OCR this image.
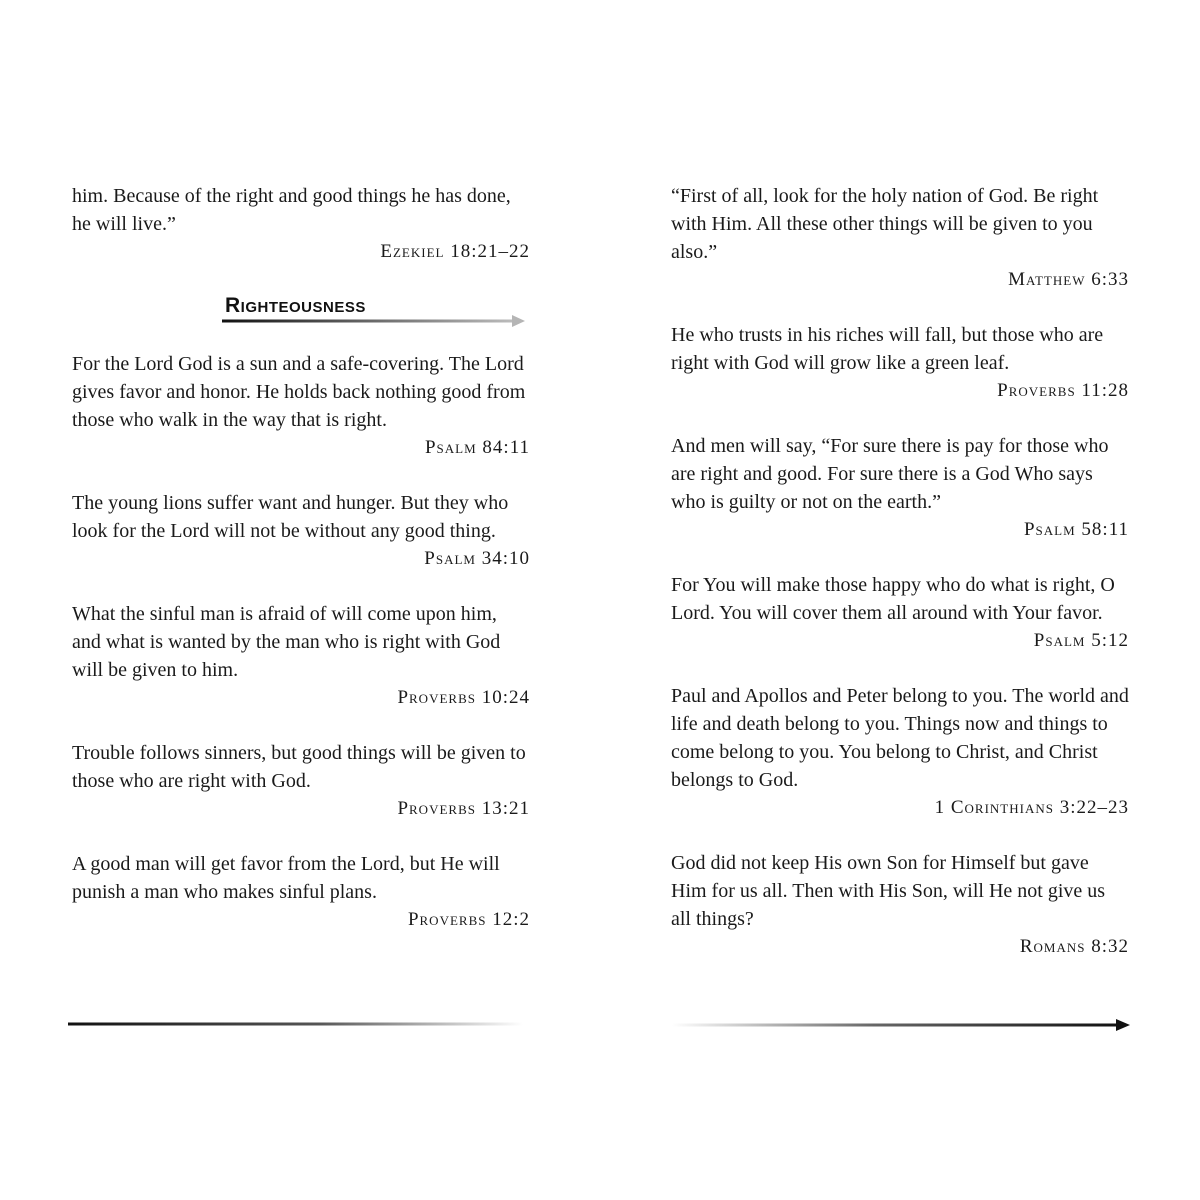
him. Because of the right and good things he has done, he will live.”

Ezekiel 18:21–22

Righteousness

For the Lord God is a sun and a safe-covering. The Lord gives favor and honor. He holds back nothing good from those who walk in the way that is right.

Psalm 84:11

The young lions suffer want and hunger. But they who look for the Lord will not be without any good thing.

Psalm 34:10

What the sinful man is afraid of will come upon him, and what is wanted by the man who is right with God will be given to him.

Proverbs 10:24

Trouble follows sinners, but good things will be given to those who are right with God.

Proverbs 13:21

A good man will get favor from the Lord, but He will punish a man who makes sinful plans.

Proverbs 12:2

“First of all, look for the holy nation of God. Be right with Him. All these other things will be given to you also.”

Matthew 6:33

He who trusts in his riches will fall, but those who are right with God will grow like a green leaf.

Proverbs 11:28

And men will say, “For sure there is pay for those who are right and good. For sure there is a God Who says who is guilty or not on the earth.”

Psalm 58:11

For You will make those happy who do what is right, O Lord. You will cover them all around with Your favor.

Psalm 5:12

Paul and Apollos and Peter belong to you. The world and life and death belong to you. Things now and things to come belong to you. You belong to Christ, and Christ belongs to God.

1 Corinthians 3:22–23

God did not keep His own Son for Himself but gave Him for us all. Then with His Son, will He not give us all things?

Romans 8:32
